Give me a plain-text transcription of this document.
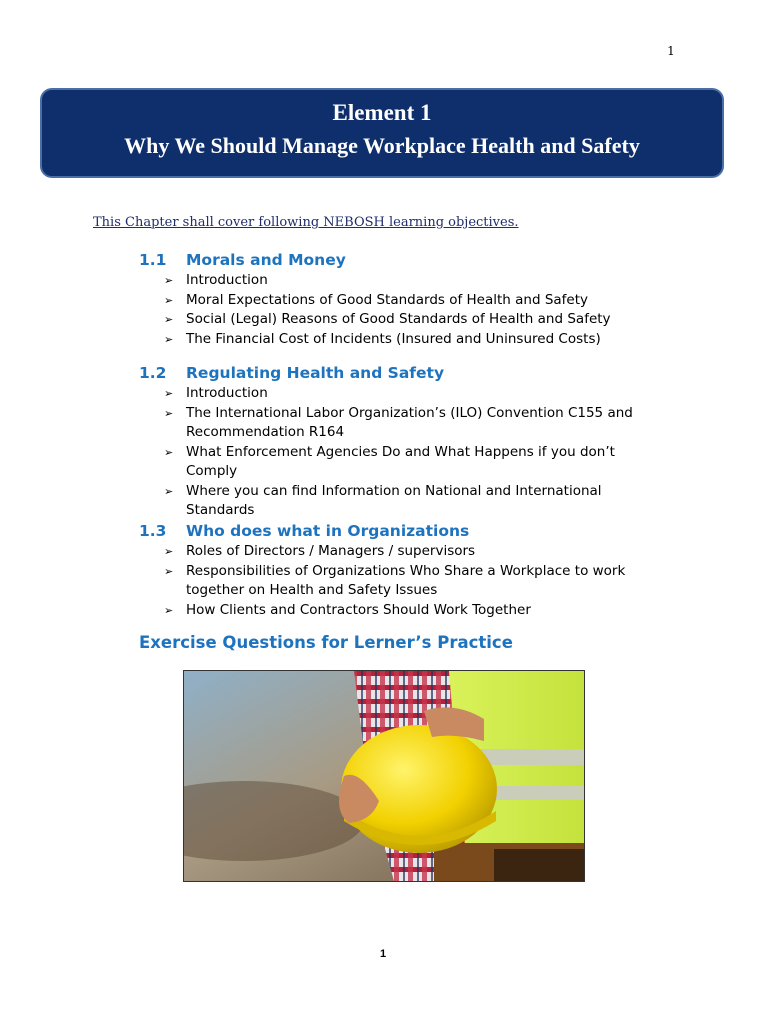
1
Element 1
Why We Should Manage Workplace Health and Safety
This Chapter shall cover following NEBOSH learning objectives.
1.1 Morals and Money
➢ Introduction
➢ Moral Expectations of Good Standards of Health and Safety
➢ Social (Legal) Reasons of Good Standards of Health and Safety
➢ The Financial Cost of Incidents (Insured and Uninsured Costs)
1.2 Regulating Health and Safety
➢ Introduction
➢ The International Labor Organization’s (ILO) Convention C155 and Recommendation R164
➢ What Enforcement Agencies Do and What Happens if you don’t Comply
➢ Where you can find Information on National and International Standards
1.3 Who does what in Organizations
➢ Roles of Directors / Managers / supervisors
➢ Responsibilities of Organizations Who Share a Workplace to work together on Health and Safety Issues
➢ How Clients and Contractors Should Work Together
Exercise Questions for Lerner’s Practice
1
